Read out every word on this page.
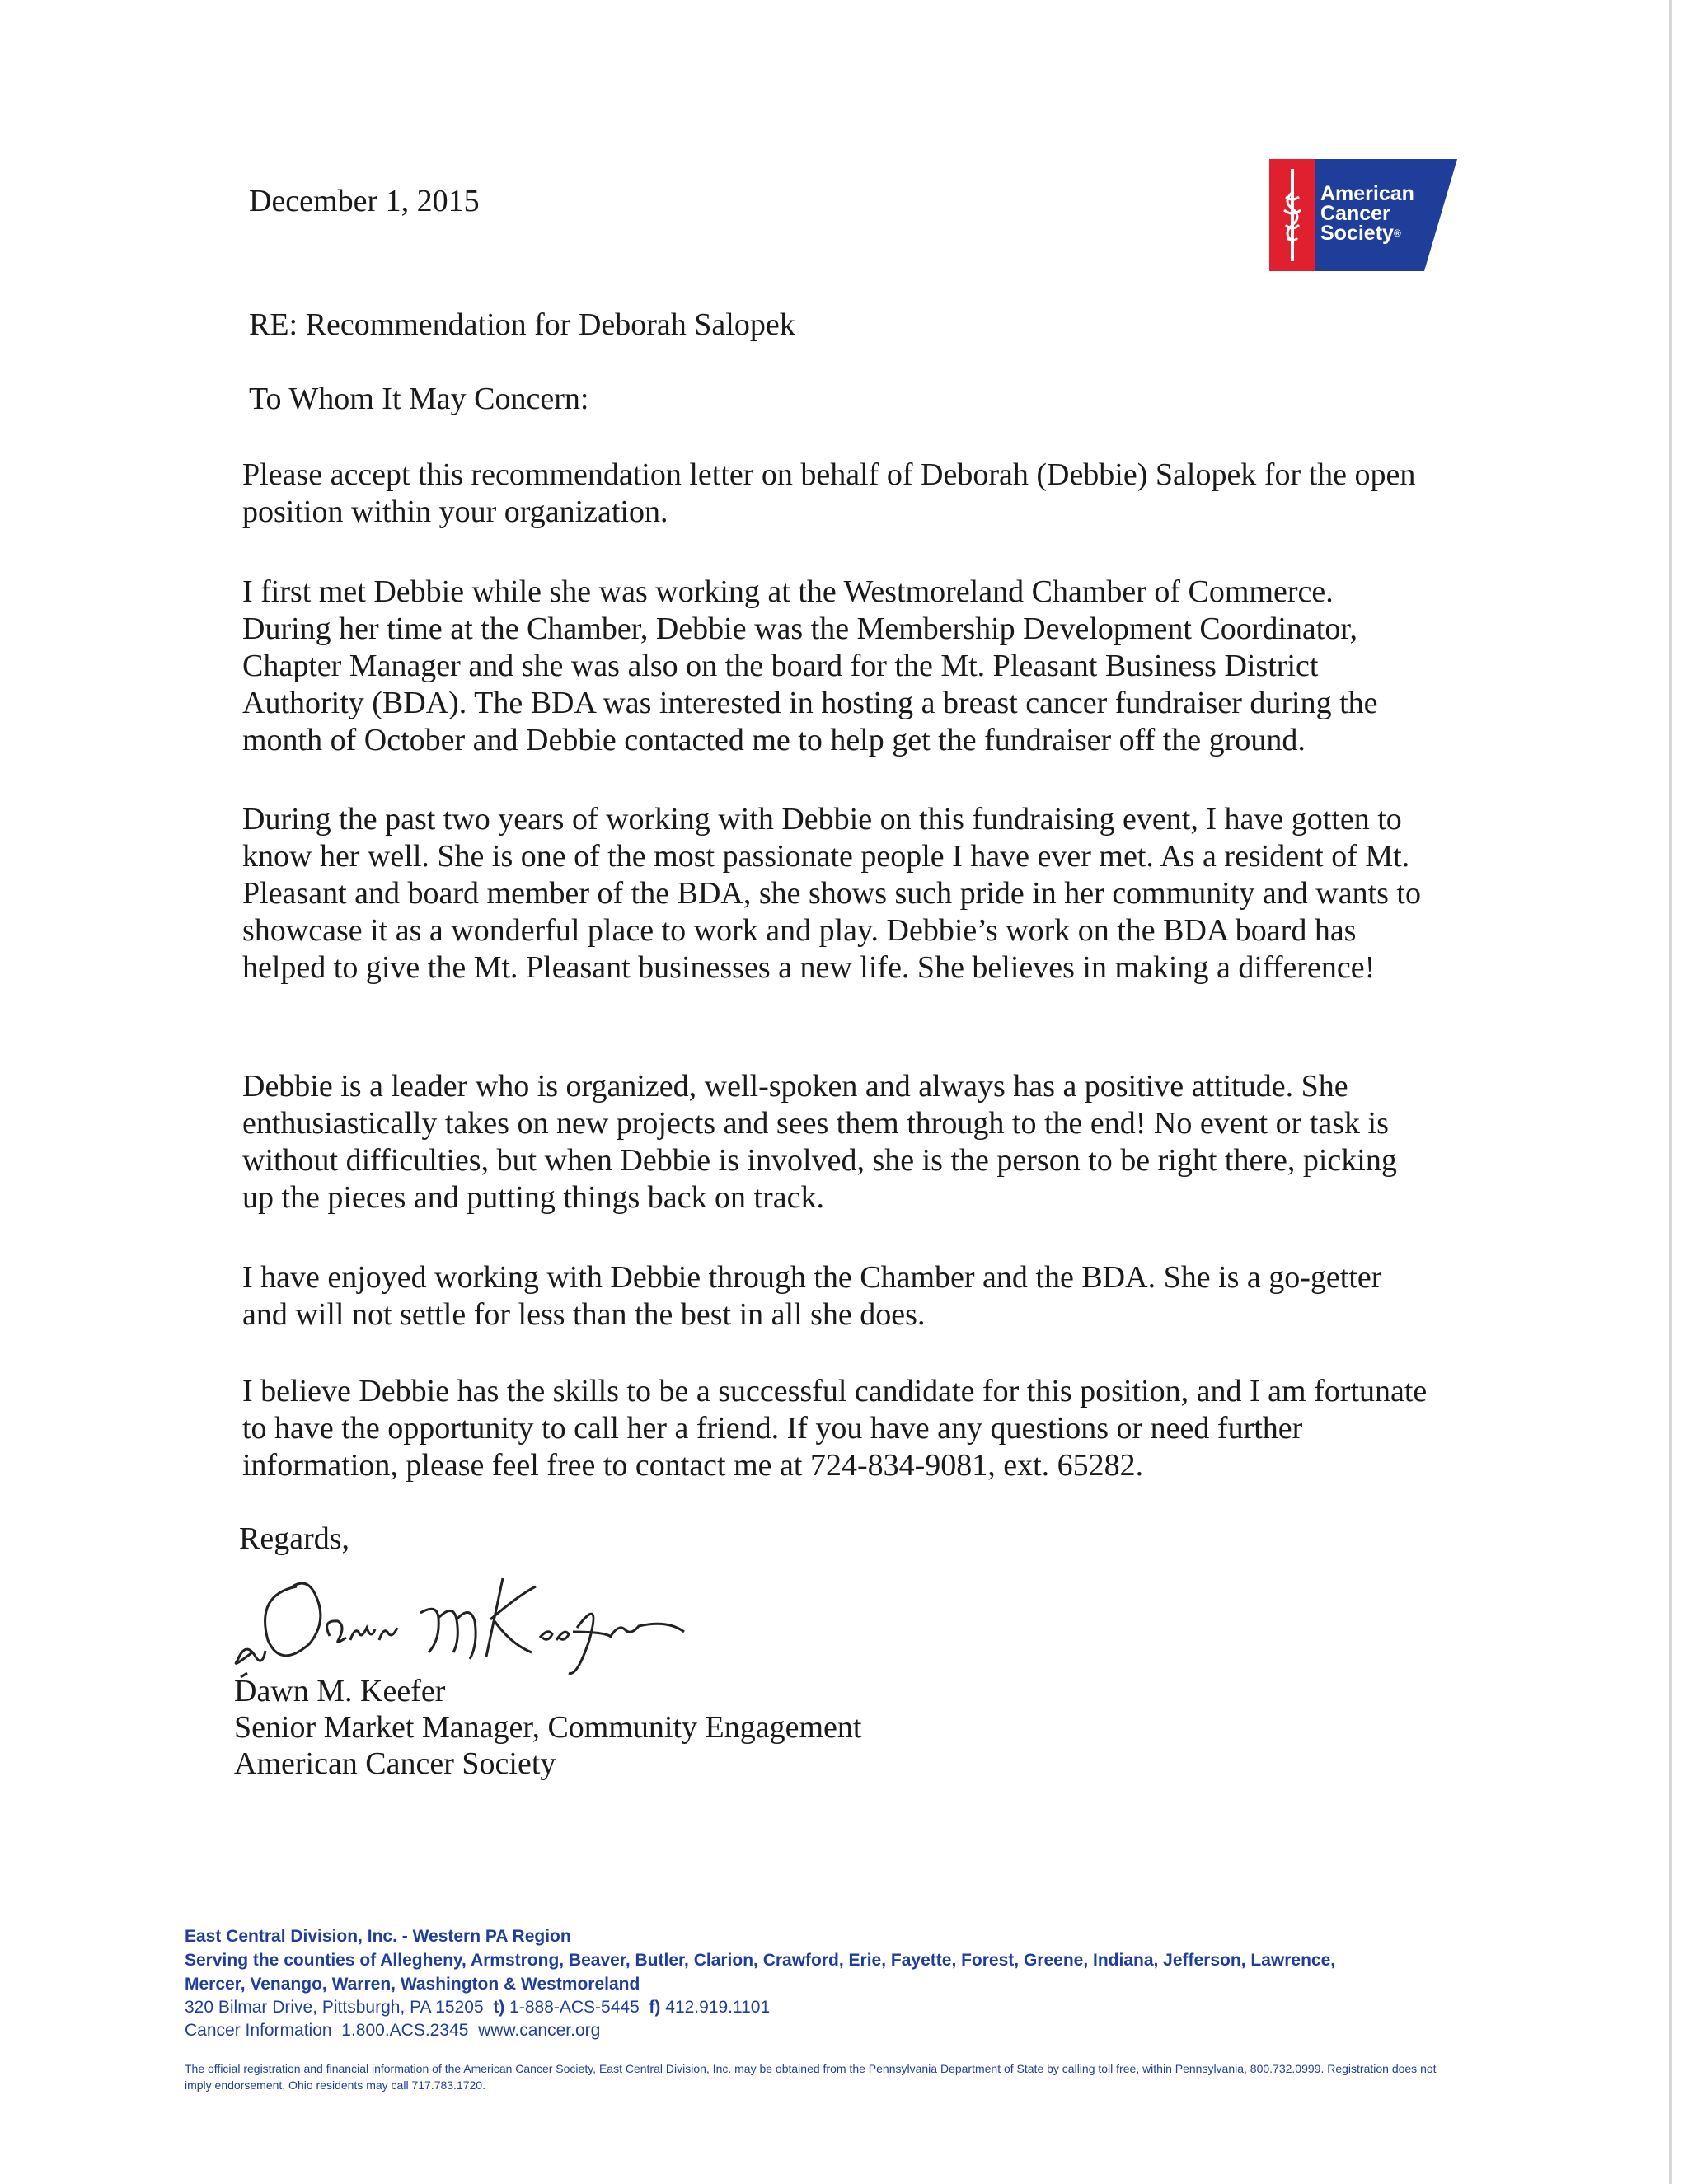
December 1, 2015	American
Cancer
Society®
RE: Recommendation for Deborah Salopek
To Whom It May Concern:
Please accept this recommendation letter on behalf of Deborah (Debbie) Salopek for the open position within your organization.
I first met Debbie while she was working at the Westmoreland Chamber of Commerce. During her time at the Chamber, Debbie was the Membership Development Coordinator, Chapter Manager and she was also on the board for the Mt. Pleasant Business District Authority (BDA). The BDA was interested in hosting a breast cancer fundraiser during the month of October and Debbie contacted me to help get the fundraiser off the ground.
During the past two years of working with Debbie on this fundraising event, I have gotten to know her well. She is one of the most passionate people I have ever met. As a resident of Mt. Pleasant and board member of the BDA, she shows such pride in her community and wants to showcase it as a wonderful place to work and play. Debbie’s work on the BDA board has helped to give the Mt. Pleasant businesses a new life. She believes in making a difference!
Debbie is a leader who is organized, well-spoken and always has a positive attitude. She enthusiastically takes on new projects and sees them through to the end! No event or task is without difficulties, but when Debbie is involved, she is the person to be right there, picking up the pieces and putting things back on track.
I have enjoyed working with Debbie through the Chamber and the BDA. She is a go-getter and will not settle for less than the best in all she does.
I believe Debbie has the skills to be a successful candidate for this position, and I am fortunate to have the opportunity to call her a friend. If you have any questions or need further information, please feel free to contact me at 724-834-9081, ext. 65282.
Regards,
Dawn M. Keefer
Senior Market Manager, Community Engagement
American Cancer Society
East Central Division, Inc. - Western PA Region
Serving the counties of Allegheny, Armstrong, Beaver, Butler, Clarion, Crawford, Erie, Fayette, Forest, Greene, Indiana, Jefferson, Lawrence,
Mercer, Venango, Warren, Washington & Westmoreland
320 Bilmar Drive, Pittsburgh, PA 15205 t) 1-888-ACS-5445 f) 412.919.1101
Cancer Information 1.800.ACS.2345 www.cancer.org
The official registration and financial information of the American Cancer Society, East Central Division, Inc. may be obtained from the Pennsylvania Department of State by calling toll free, within Pennsylvania, 800.732.0999. Registration does not imply endorsement. Ohio residents may call 717.783.1720.
